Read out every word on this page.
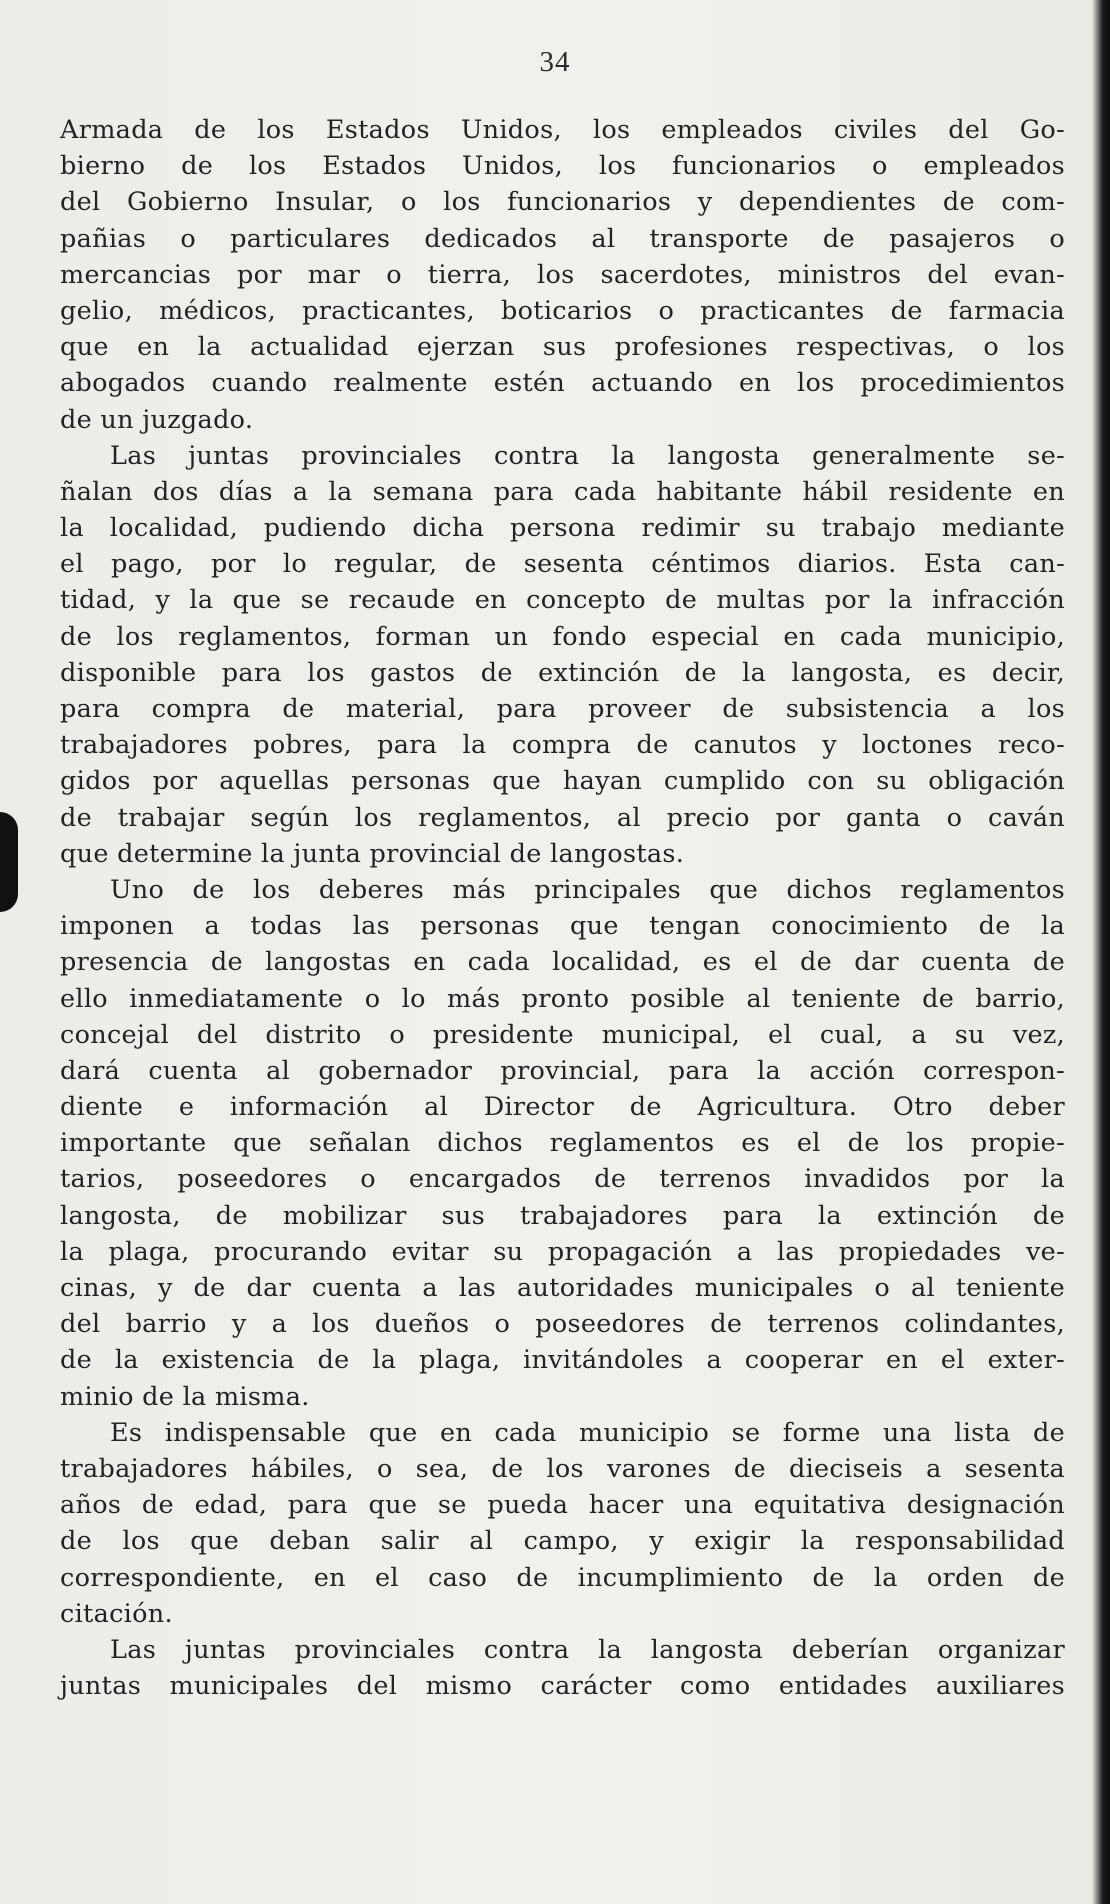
34
Armada de los Estados Unidos, los empleados civiles del Go-
bierno de los Estados Unidos, los funcionarios o empleados
del Gobierno Insular, o los funcionarios y dependientes de com-
pañias o particulares dedicados al transporte de pasajeros o
mercancias por mar o tierra, los sacerdotes, ministros del evan-
gelio, médicos, practicantes, boticarios o practicantes de farmacia
que en la actualidad ejerzan sus profesiones respectivas, o los
abogados cuando realmente estén actuando en los procedimientos
de un juzgado.
Las juntas provinciales contra la langosta generalmente se-
ñalan dos días a la semana para cada habitante hábil residente en
la localidad, pudiendo dicha persona redimir su trabajo mediante
el pago, por lo regular, de sesenta céntimos diarios. Esta can-
tidad, y la que se recaude en concepto de multas por la infracción
de los reglamentos, forman un fondo especial en cada municipio,
disponible para los gastos de extinción de la langosta, es decir,
para compra de material, para proveer de subsistencia a los
trabajadores pobres, para la compra de canutos y loctones reco-
gidos por aquellas personas que hayan cumplido con su obligación
de trabajar según los reglamentos, al precio por ganta o caván
que determine la junta provincial de langostas.
Uno de los deberes más principales que dichos reglamentos
imponen a todas las personas que tengan conocimiento de la
presencia de langostas en cada localidad, es el de dar cuenta de
ello inmediatamente o lo más pronto posible al teniente de barrio,
concejal del distrito o presidente municipal, el cual, a su vez,
dará cuenta al gobernador provincial, para la acción correspon-
diente e información al Director de Agricultura. Otro deber
importante que señalan dichos reglamentos es el de los propie-
tarios, poseedores o encargados de terrenos invadidos por la
langosta, de mobilizar sus trabajadores para la extinción de
la plaga, procurando evitar su propagación a las propiedades ve-
cinas, y de dar cuenta a las autoridades municipales o al teniente
del barrio y a los dueños o poseedores de terrenos colindantes,
de la existencia de la plaga, invitándoles a cooperar en el exter-
minio de la misma.
Es indispensable que en cada municipio se forme una lista de
trabajadores hábiles, o sea, de los varones de dieciseis a sesenta
años de edad, para que se pueda hacer una equitativa designación
de los que deban salir al campo, y exigir la responsabilidad
correspondiente, en el caso de incumplimiento de la orden de
citación.
Las juntas provinciales contra la langosta deberían organizar
juntas municipales del mismo carácter como entidades auxiliares
